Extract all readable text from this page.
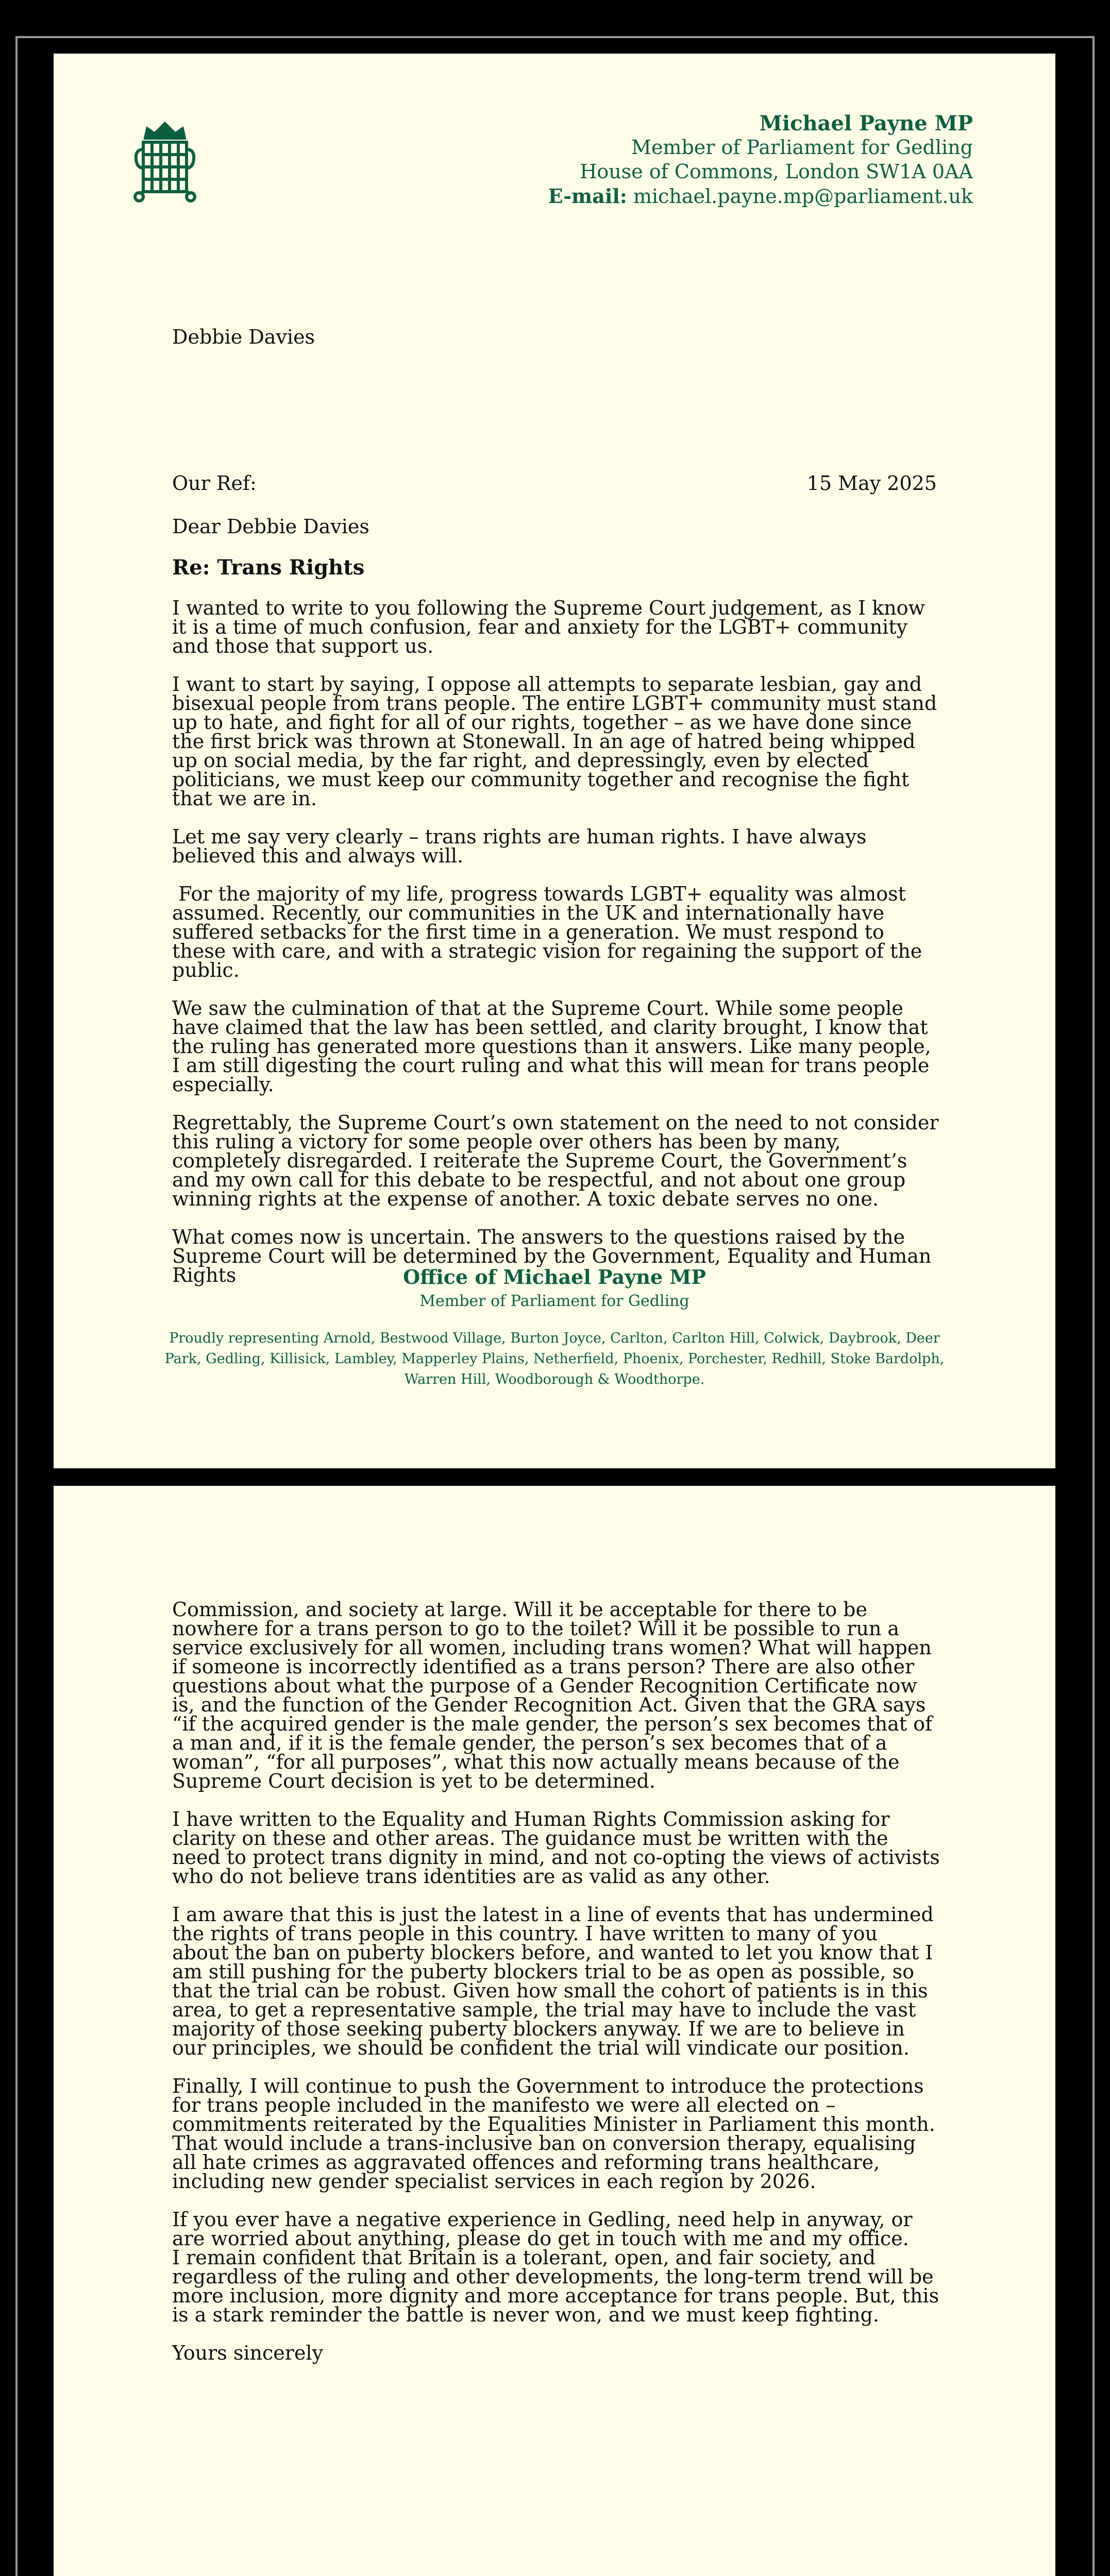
Michael Payne MP
Member of Parliament for Gedling
House of Commons, London SW1A 0AA
E-mail: michael.payne.mp@parliament.uk
Debbie Davies
Our Ref:	15 May 2025
Dear Debbie Davies
Re: Trans Rights

I wanted to write to you following the Supreme Court judgement, as I know it is a time of much confusion, fear and anxiety for the LGBT+ community and those that support us.

I want to start by saying, I oppose all attempts to separate lesbian, gay and bisexual people from trans people. The entire LGBT+ community must stand up to hate, and fight for all of our rights, together – as we have done since the first brick was thrown at Stonewall. In an age of hatred being whipped up on social media, by the far right, and depressingly, even by elected politicians, we must keep our community together and recognise the fight that we are in.

Let me say very clearly – trans rights are human rights. I have always believed this and always will.

For the majority of my life, progress towards LGBT+ equality was almost assumed. Recently, our communities in the UK and internationally have suffered setbacks for the first time in a generation. We must respond to these with care, and with a strategic vision for regaining the support of the public.

We saw the culmination of that at the Supreme Court. While some people have claimed that the law has been settled, and clarity brought, I know that the ruling has generated more questions than it answers. Like many people, I am still digesting the court ruling and what this will mean for trans people especially.

Regrettably, the Supreme Court’s own statement on the need to not consider this ruling a victory for some people over others has been by many, completely disregarded. I reiterate the Supreme Court, the Government’s and my own call for this debate to be respectful, and not about one group winning rights at the expense of another. A toxic debate serves no one.

What comes now is uncertain. The answers to the questions raised by the Supreme Court will be determined by the Government, Equality and Human Rights	Office of Michael Payne MP
Member of Parliament for Gedling
Proudly representing Arnold, Bestwood Village, Burton Joyce, Carlton, Carlton Hill, Colwick, Daybrook, Deer Park, Gedling, Killisick, Lambley, Mapperley Plains, Netherfield, Phoenix, Porchester, Redhill, Stoke Bardolph, Warren Hill, Woodborough & Woodthorpe.

Commission, and society at large. Will it be acceptable for there to be nowhere for a trans person to go to the toilet? Will it be possible to run a service exclusively for all women, including trans women? What will happen if someone is incorrectly identified as a trans person? There are also other questions about what the purpose of a Gender Recognition Certificate now is, and the function of the Gender Recognition Act. Given that the GRA says “if the acquired gender is the male gender, the person’s sex becomes that of a man and, if it is the female gender, the person’s sex becomes that of a woman”, “for all purposes”, what this now actually means because of the Supreme Court decision is yet to be determined.

I have written to the Equality and Human Rights Commission asking for clarity on these and other areas. The guidance must be written with the need to protect trans dignity in mind, and not co-opting the views of activists who do not believe trans identities are as valid as any other.

I am aware that this is just the latest in a line of events that has undermined the rights of trans people in this country. I have written to many of you about the ban on puberty blockers before, and wanted to let you know that I am still pushing for the puberty blockers trial to be as open as possible, so that the trial can be robust. Given how small the cohort of patients is in this area, to get a representative sample, the trial may have to include the vast majority of those seeking puberty blockers anyway. If we are to believe in our principles, we should be confident the trial will vindicate our position.

Finally, I will continue to push the Government to introduce the protections for trans people included in the manifesto we were all elected on – commitments reiterated by the Equalities Minister in Parliament this month. That would include a trans-inclusive ban on conversion therapy, equalising all hate crimes as aggravated offences and reforming trans healthcare, including new gender specialist services in each region by 2026.

If you ever have a negative experience in Gedling, need help in anyway, or are worried about anything, please do get in touch with me and my office.

I remain confident that Britain is a tolerant, open, and fair society, and regardless of the ruling and other developments, the long-term trend will be more inclusion, more dignity and more acceptance for trans people. But, this is a stark reminder the battle is never won, and we must keep fighting.

Yours sincerely
